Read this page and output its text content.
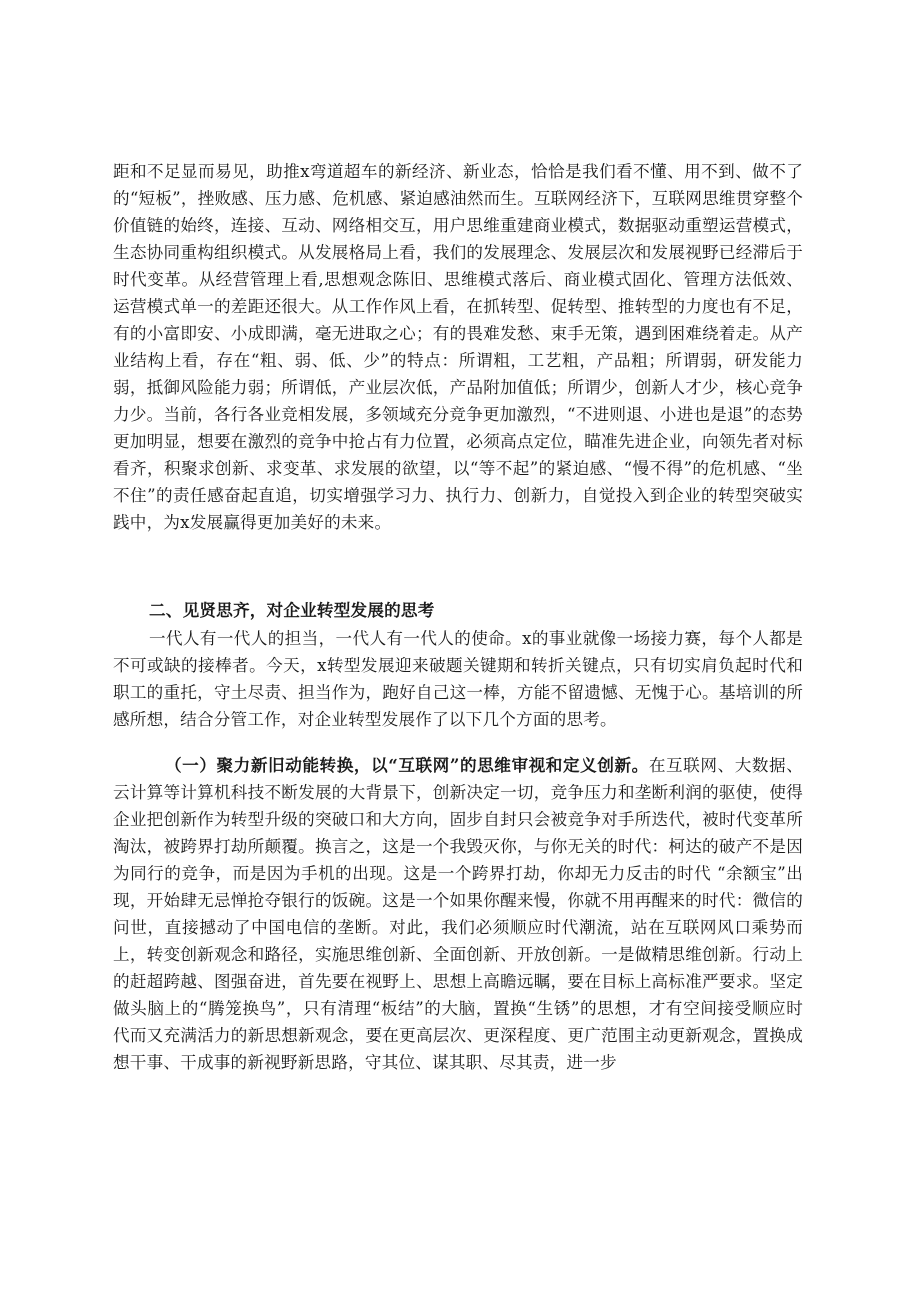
距和不足显而易见，助推x弯道超车的新经济、新业态，恰恰是我们看不懂、用不到、做不了的“短板”，挫败感、压力感、危机感、紧迫感油然而生。互联网经济下，互联网思维贯穿整个价值链的始终，连接、互动、网络相交互，用户思维重建商业模式，数据驱动重塑运营模式，生态协同重构组织模式。从发展格局上看，我们的发展理念、发展层次和发展视野已经滞后于时代变革。从经营管理上看,思想观念陈旧、思维模式落后、商业模式固化、管理方法低效、运营模式单一的差距还很大。从工作作风上看，在抓转型、促转型、推转型的力度也有不足，有的小富即安、小成即满，毫无进取之心；有的畏难发愁、束手无策，遇到困难绕着走。从产业结构上看，存在“粗、弱、低、少”的特点：所谓粗，工艺粗，产品粗；所谓弱，研发能力弱，抵御风险能力弱；所谓低，产业层次低，产品附加值低；所谓少，创新人才少，核心竞争力少。当前，各行各业竞相发展，多领域充分竞争更加激烈，“不进则退、小进也是退”的态势更加明显，想要在激烈的竞争中抢占有力位置，必须高点定位，瞄准先进企业，向领先者对标看齐，积聚求创新、求变革、求发展的欲望，以“等不起”的紧迫感、“慢不得”的危机感、“坐不住”的责任感奋起直追，切实增强学习力、执行力、创新力，自觉投入到企业的转型突破实践中，为x发展赢得更加美好的未来。

二、见贤思齐，对企业转型发展的思考

一代人有一代人的担当，一代人有一代人的使命。x的事业就像一场接力赛，每个人都是不可或缺的接棒者。今天，x转型发展迎来破题关键期和转折关键点，只有切实肩负起时代和职工的重托，守土尽责、担当作为，跑好自己这一棒，方能不留遗憾、无愧于心。基培训的所感所想，结合分管工作，对企业转型发展作了以下几个方面的思考。

（一）聚力新旧动能转换，以“互联网”的思维审视和定义创新。在互联网、大数据、云计算等计算机科技不断发展的大背景下，创新决定一切，竞争压力和垄断利润的驱使，使得企业把创新作为转型升级的突破口和大方向，固步自封只会被竞争对手所迭代，被时代变革所淘汰，被跨界打劫所颠覆。换言之，这是一个我毁灭你，与你无关的时代：柯达的破产不是因为同行的竞争，而是因为手机的出现。这是一个跨界打劫，你却无力反击的时代 “余额宝”出现，开始肆无忌惮抢夺银行的饭碗。这是一个如果你醒来慢，你就不用再醒来的时代：微信的问世，直接撼动了中国电信的垄断。对此，我们必须顺应时代潮流，站在互联网风口乘势而上，转变创新观念和路径，实施思维创新、全面创新、开放创新。一是做精思维创新。行动上的赶超跨越、图强奋进，首先要在视野上、思想上高瞻远瞩，要在目标上高标准严要求。坚定做头脑上的“腾笼换鸟”，只有清理“板结”的大脑，置换“生锈”的思想，才有空间接受顺应时代而又充满活力的新思想新观念，要在更高层次、更深程度、更广范围主动更新观念，置换成想干事、干成事的新视野新思路，守其位、谋其职、尽其责，进一步
